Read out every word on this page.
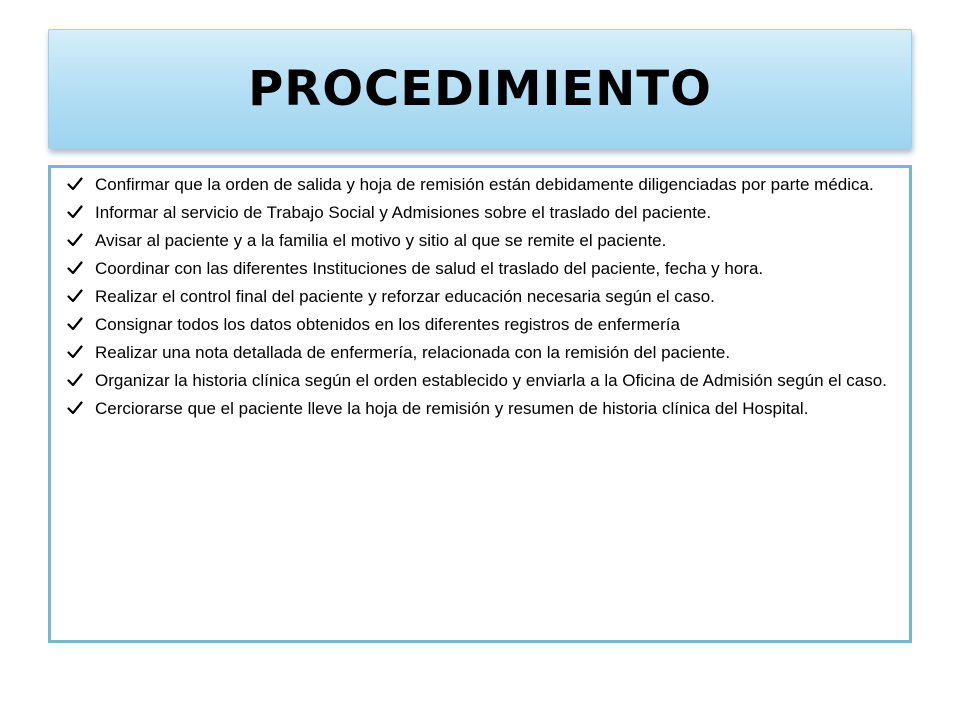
PROCEDIMIENTO
Confirmar que la orden de salida y hoja de remisión están debidamente diligenciadas por parte médica.
Informar al servicio de Trabajo Social y Admisiones sobre el traslado del paciente.
Avisar al paciente y a la familia el motivo y sitio al que se remite el paciente.
Coordinar con las diferentes Instituciones de salud el traslado del paciente, fecha y hora.
Realizar el control final del paciente y reforzar educación necesaria según el caso.
Consignar todos los datos obtenidos en los diferentes registros de enfermería
Realizar una nota detallada de enfermería, relacionada con la remisión del paciente.
Organizar la historia clínica según el orden establecido y enviarla a la Oficina de Admisión según el caso.
Cerciorarse que el paciente lleve la hoja de remisión y resumen de historia clínica del Hospital.
